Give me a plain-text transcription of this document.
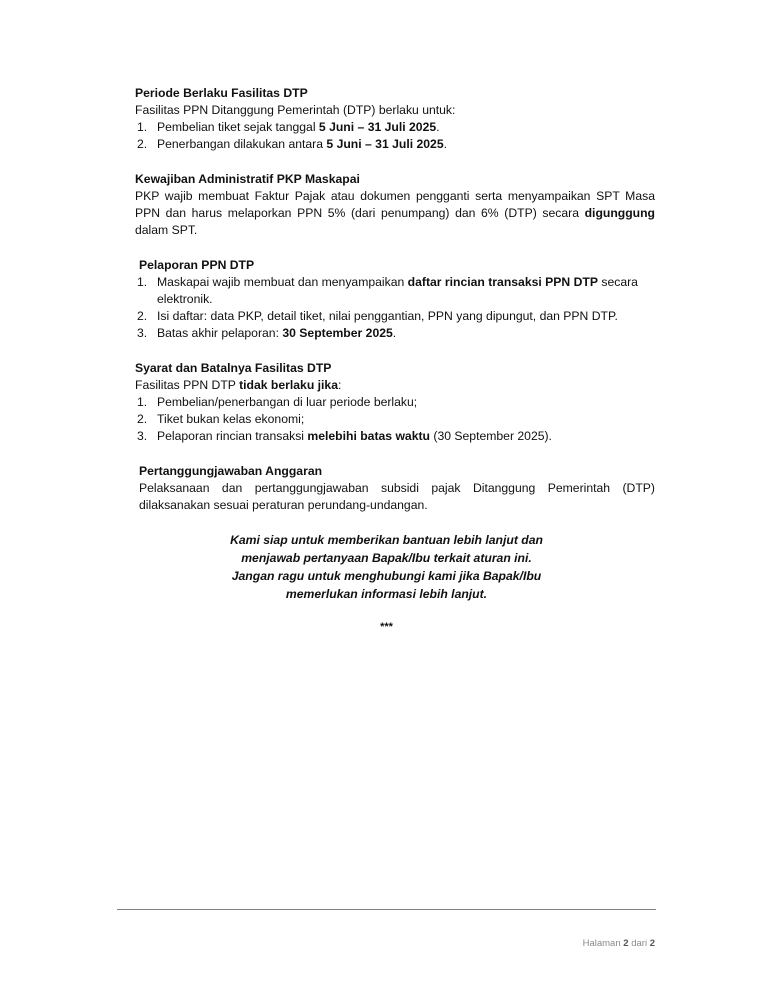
Periode Berlaku Fasilitas DTP
Fasilitas PPN Ditanggung Pemerintah (DTP) berlaku untuk:
1. Pembelian tiket sejak tanggal 5 Juni – 31 Juli 2025.
2. Penerbangan dilakukan antara 5 Juni – 31 Juli 2025.
Kewajiban Administratif PKP Maskapai
PKP wajib membuat Faktur Pajak atau dokumen pengganti serta menyampaikan SPT Masa PPN dan harus melaporkan PPN 5% (dari penumpang) dan 6% (DTP) secara digunggung dalam SPT.
Pelaporan PPN DTP
1. Maskapai wajib membuat dan menyampaikan daftar rincian transaksi PPN DTP secara elektronik.
2. Isi daftar: data PKP, detail tiket, nilai penggantian, PPN yang dipungut, dan PPN DTP.
3. Batas akhir pelaporan: 30 September 2025.
Syarat dan Batalnya Fasilitas DTP
Fasilitas PPN DTP tidak berlaku jika:
1. Pembelian/penerbangan di luar periode berlaku;
2. Tiket bukan kelas ekonomi;
3. Pelaporan rincian transaksi melebihi batas waktu (30 September 2025).
Pertanggungjawaban Anggaran
Pelaksanaan dan pertanggungjawaban subsidi pajak Ditanggung Pemerintah (DTP) dilaksanakan sesuai peraturan perundang-undangan.
Kami siap untuk memberikan bantuan lebih lanjut dan
menjawab pertanyaan Bapak/Ibu terkait aturan ini.
Jangan ragu untuk menghubungi kami jika Bapak/Ibu
memerlukan informasi lebih lanjut.
***
Halaman 2 dari 2
